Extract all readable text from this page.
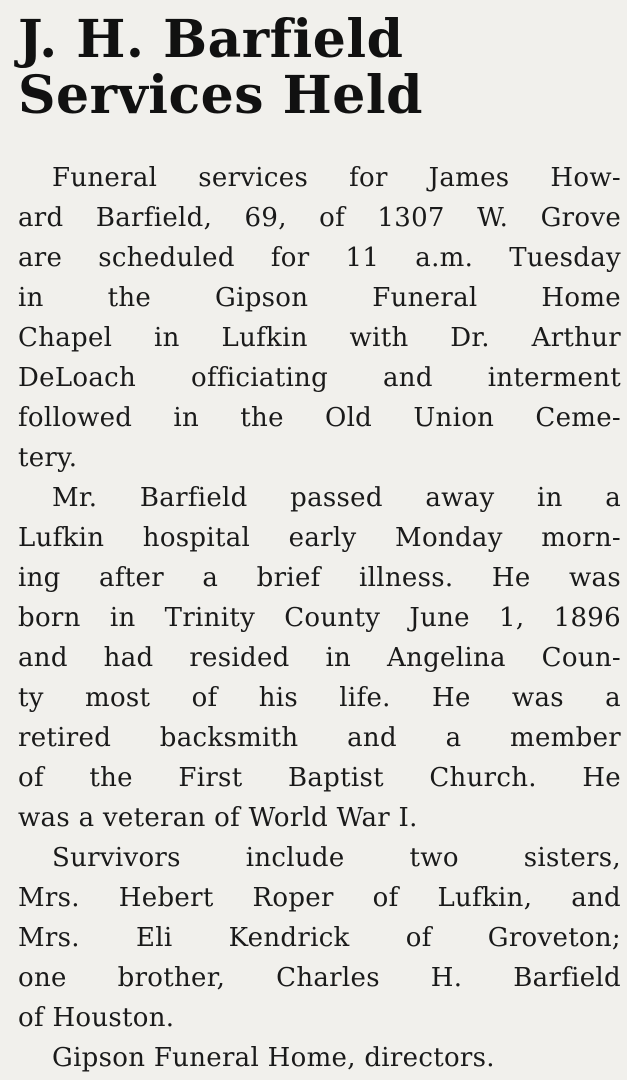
J. H. Barfield
Services Held
Funeral services for James How-
ard Barfield, 69, of 1307 W. Grove
are scheduled for 11 a.m. Tuesday
in the Gipson Funeral Home
Chapel in Lufkin with Dr. Arthur
DeLoach officiating and interment
followed in the Old Union Ceme-
tery.
Mr. Barfield passed away in a
Lufkin hospital early Monday morn-
ing after a brief illness. He was
born in Trinity County June 1, 1896
and had resided in Angelina Coun-
ty most of his life. He was a
retired backsmith and a member
of the First Baptist Church. He
was a veteran of World War I.
Survivors include two sisters,
Mrs. Hebert Roper of Lufkin, and
Mrs. Eli Kendrick of Groveton;
one brother, Charles H. Barfield
of Houston.
Gipson Funeral Home, directors.
